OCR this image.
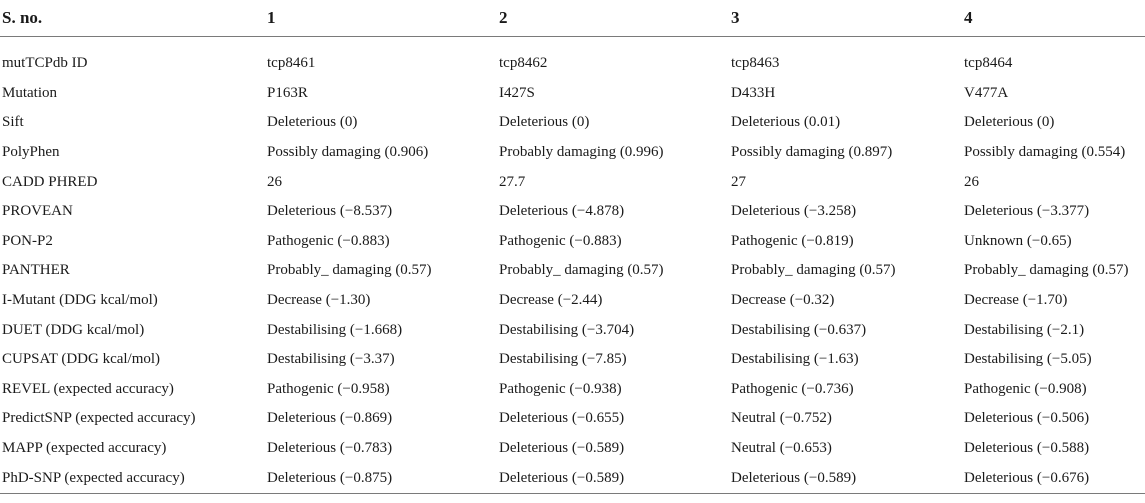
S. no.	1	2	3	4

mutTCPdb ID	tcp8461	tcp8462	tcp8463	tcp8464
Mutation	P163R	I427S	D433H	V477A
Sift	Deleterious (0)	Deleterious (0)	Deleterious (0.01)	Deleterious (0)
PolyPhen	Possibly damaging (0.906)	Probably damaging (0.996)	Possibly damaging (0.897)	Possibly damaging (0.554)
CADD PHRED	26	27.7	27	26
PROVEAN	Deleterious (−8.537)	Deleterious (−4.878)	Deleterious (−3.258)	Deleterious (−3.377)
PON-P2	Pathogenic (−0.883)	Pathogenic (−0.883)	Pathogenic (−0.819)	Unknown (−0.65)
PANTHER	Probably_ damaging (0.57)	Probably_ damaging (0.57)	Probably_ damaging (0.57)	Probably_ damaging (0.57)
I-Mutant (DDG kcal/mol)	Decrease (−1.30)	Decrease (−2.44)	Decrease (−0.32)	Decrease (−1.70)
DUET (DDG kcal/mol)	Destabilising (−1.668)	Destabilising (−3.704)	Destabilising (−0.637)	Destabilising (−2.1)
CUPSAT (DDG kcal/mol)	Destabilising (−3.37)	Destabilising (−7.85)	Destabilising (−1.63)	Destabilising (−5.05)
REVEL (expected accuracy)	Pathogenic (−0.958)	Pathogenic (−0.938)	Pathogenic (−0.736)	Pathogenic (−0.908)
PredictSNP (expected accuracy)	Deleterious (−0.869)	Deleterious (−0.655)	Neutral (−0.752)	Deleterious (−0.506)
MAPP (expected accuracy)	Deleterious (−0.783)	Deleterious (−0.589)	Neutral (−0.653)	Deleterious (−0.588)
PhD-SNP (expected accuracy)	Deleterious (−0.875)	Deleterious (−0.589)	Deleterious (−0.589)	Deleterious (−0.676)
